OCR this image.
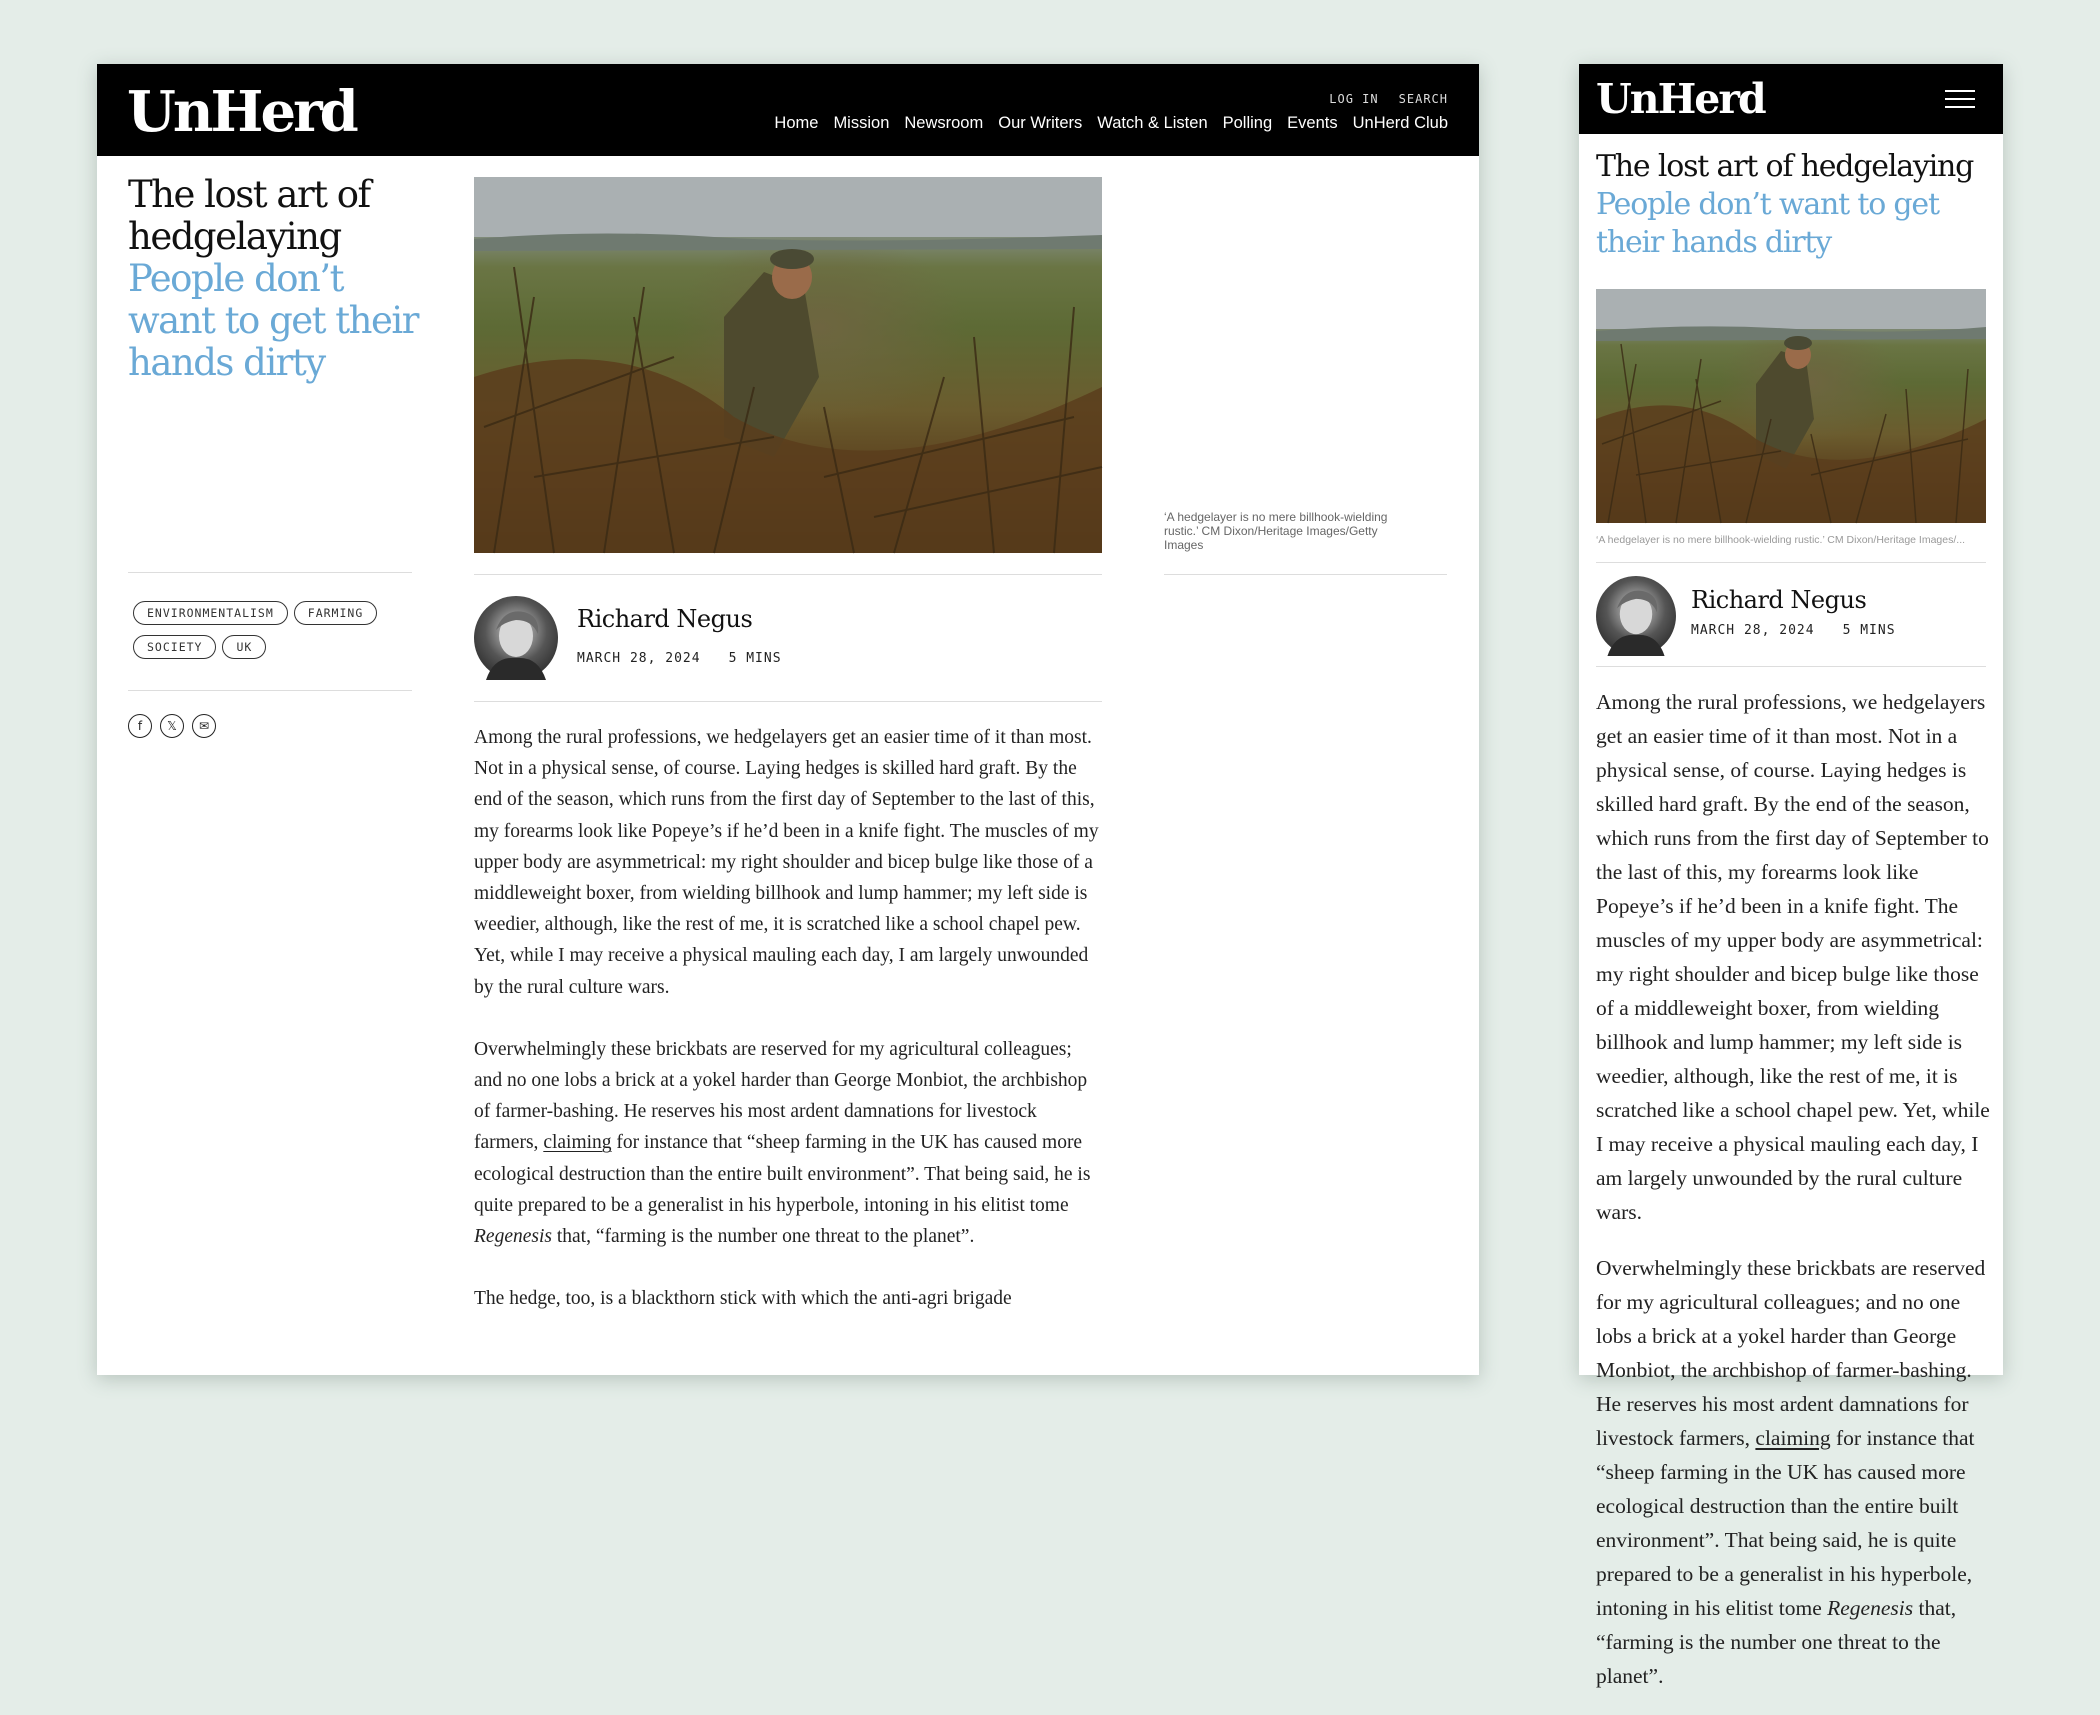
UnHerd	LOG IN SEARCH
Home Mission Newsroom Our Writers Watch & Listen Polling Events UnHerd Club
The lost art of hedgelaying
People don’t want to get their hands dirty
ENVIRONMENTALISM	FARMING
SOCIETY	UK
f	𝕏	✉
‘A hedgelayer is no mere billhook-wielding rustic.’ CM Dixon/Heritage Images/Getty Images
Richard Negus
MARCH 28, 2024 5 MINS

Among the rural professions, we hedgelayers get an easier time of it than most. Not in a physical sense, of course. Laying hedges is skilled hard graft. By the end of the season, which runs from the first day of September to the last of this, my forearms look like Popeye’s if he’d been in a knife fight. The muscles of my upper body are asymmetrical: my right shoulder and bicep bulge like those of a middleweight boxer, from wielding billhook and lump hammer; my left side is weedier, although, like the rest of me, it is scratched like a school chapel pew. Yet, while I may receive a physical mauling each day, I am largely unwounded by the rural culture wars.

Overwhelmingly these brickbats are reserved for my agricultural colleagues; and no one lobs a brick at a yokel harder than George Monbiot, the archbishop of farmer-bashing. He reserves his most ardent damnations for livestock farmers, claiming for instance that “sheep farming in the UK has caused more ecological destruction than the entire built environment”. That being said, he is quite prepared to be a generalist in his hyperbole, intoning in his elitist tome Regenesis that, “farming is the number one threat to the planet”.

The hedge, too, is a blackthorn stick with which the anti-agri brigade

UnHerd
The lost art of hedgelaying
People don’t want to get their hands dirty
‘A hedgelayer is no mere billhook-wielding rustic.’ CM Dixon/Heritage Images/...
Richard Negus
MARCH 28, 2024 5 MINS

Among the rural professions, we hedgelayers get an easier time of it than most. Not in a physical sense, of course. Laying hedges is skilled hard graft. By the end of the season, which runs from the first day of September to the last of this, my forearms look like Popeye’s if he’d been in a knife fight. The muscles of my upper body are asymmetrical: my right shoulder and bicep bulge like those of a middleweight boxer, from wielding billhook and lump hammer; my left side is weedier, although, like the rest of me, it is scratched like a school chapel pew. Yet, while I may receive a physical mauling each day, I am largely unwounded by the rural culture wars.

Overwhelmingly these brickbats are reserved for my agricultural colleagues; and no one lobs a brick at a yokel harder than George Monbiot, the archbishop of farmer-bashing. He reserves his most ardent damnations for livestock farmers, claiming for instance that “sheep farming in the UK has caused more ecological destruction than the entire built environment”. That being said, he is quite prepared to be a generalist in his hyperbole, intoning in his elitist tome Regenesis that, “farming is the number one threat to the planet”.
